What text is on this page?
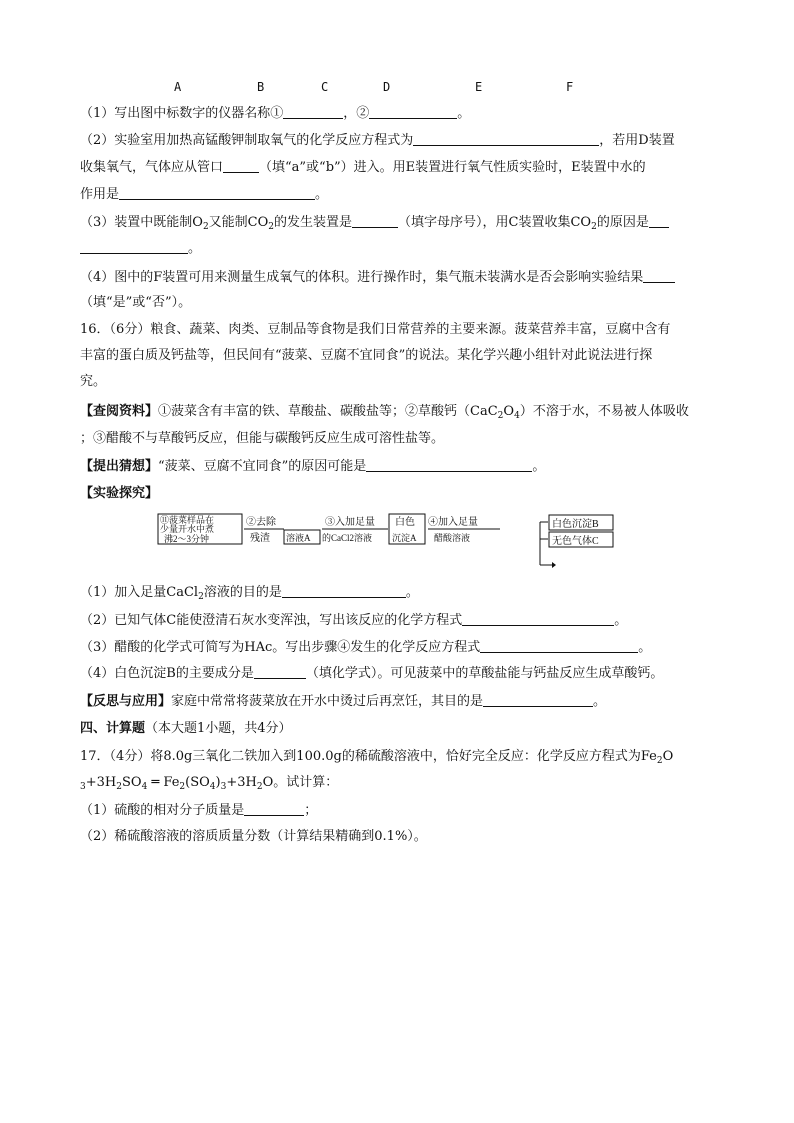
A	B	C	D	E	F
（1）写出图中标数字的仪器名称①	，②	。
（2）实验室用加热高锰酸钾制取氧气的化学反应方程式为	，若用D装置
收集氧气，气体应从管口	（填“a”或“b”）进入。用E装置进行氧气性质实验时，E装置中水的
作用是	。
（3）装置中既能制$O_2$又能制$CO_2$的发生装置是	（填字母序号），用C装置收集$CO_2$的原因是
。
（4）图中的F装置可用来测量生成氧气的体积。进行操作时，集气瓶未装满水是否会影响实验结果
（填“是”或“否”）。
16．（6分）粮食、蔬菜、肉类、豆制品等食物是我们日常营养的主要来源。菠菜营养丰富，豆腐中含有
丰富的蛋白质及钙盐等，但民间有“菠菜、豆腐不宜同食”的说法。某化学兴趣小组针对此说法进行探
究。
【查阅资料】①菠菜含有丰富的铁、草酸盐、碳酸盐等；②草酸钙$(CaC_2O_4)$不溶于水，不易被人体吸收
；③醋酸不与草酸钙反应，但能与碳酸钙反应生成可溶性盐等。
【提出猜想】“菠菜、豆腐不宜同食”的原因可能是	。
【实验探究】
⑪菠菜样品在
少量开水中煮
沸2～3分钟
②去除
残渣 溶液A
③入加足量
的CaCl2溶液
白色
沉淀A
④加入足量
醋酸溶液
白色沉淀B
无色气体C
（1）加入足量CaCl$_2$溶液的目的是	。
（2）已知气体C能使澄清石灰水变浑浊，写出该反应的化学方程式	。
（3）醋酸的化学式可简写为HAc。写出步骤④发生的化学反应方程式	。
（4）白色沉淀B的主要成分是	（填化学式）。可见菠菜中的草酸盐能与钙盐反应生成草酸钙。
【反思与应用】家庭中常常将菠菜放在开水中烫过后再烹饪，其目的是	。
四、计算题（本大题1小题，共4分）
17．（4分）将8.0g三氧化二铁加入到100.0g的稀硫酸溶液中，恰好完全反应：化学反应方程式为$Fe_2O$
$_3+3H_2SO_4$ ═ $Fe_2(SO_4)_3+3H_2O$。试计算：
（1）硫酸的相对分子质量是	；
（2）稀硫酸溶液的溶质质量分数（计算结果精确到0.1%）。
